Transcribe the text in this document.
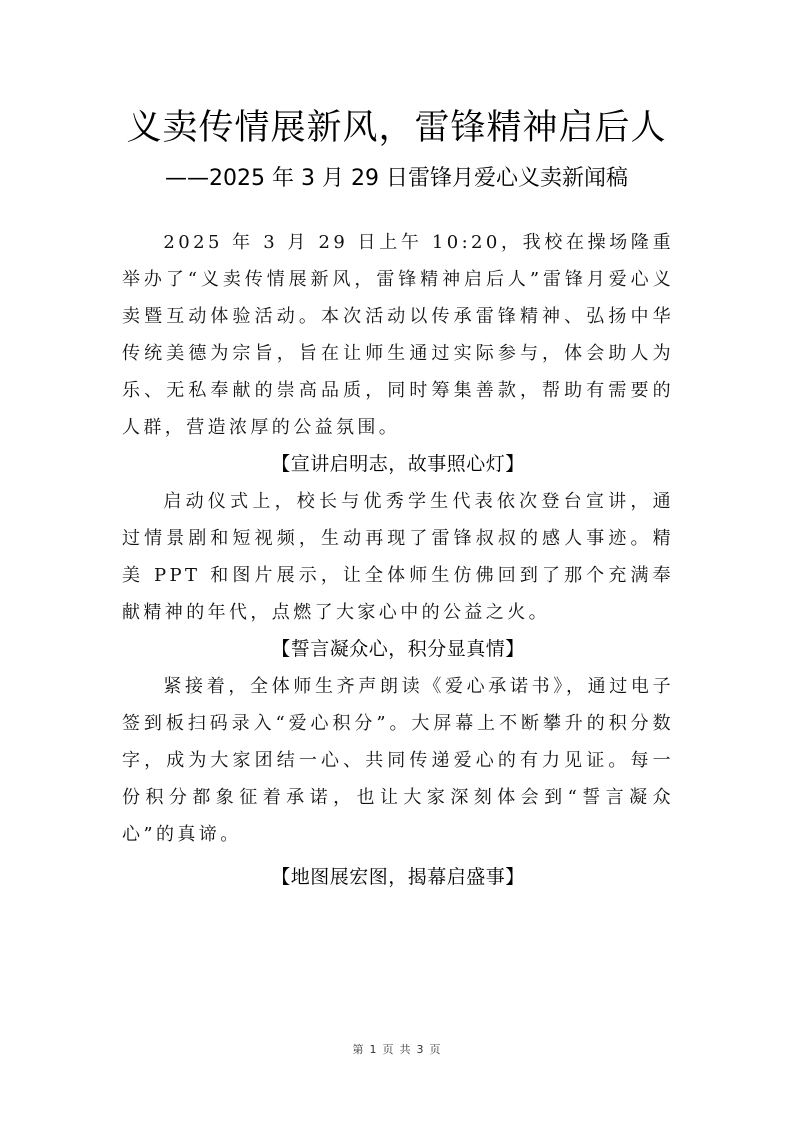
义卖传情展新风，雷锋精神启后人
——2025 年 3 月 29 日雷锋月爱心义卖新闻稿

2025 年 3 月 29 日上午 10:20，我校在操场隆重举办了“义卖传情展新风，雷锋精神启后人”雷锋月爱心义卖暨互动体验活动。本次活动以传承雷锋精神、弘扬中华传统美德为宗旨，旨在让师生通过实际参与，体会助人为乐、无私奉献的崇高品质，同时筹集善款，帮助有需要的人群，营造浓厚的公益氛围。

【宣讲启明志，故事照心灯】

启动仪式上，校长与优秀学生代表依次登台宣讲，通过情景剧和短视频，生动再现了雷锋叔叔的感人事迹。精美 PPT 和图片展示，让全体师生仿佛回到了那个充满奉献精神的年代，点燃了大家心中的公益之火。

【誓言凝众心，积分显真情】

紧接着，全体师生齐声朗读《爱心承诺书》，通过电子签到板扫码录入“爱心积分”。大屏幕上不断攀升的积分数字，成为大家团结一心、共同传递爱心的有力见证。每一份积分都象征着承诺，也让大家深刻体会到“誓言凝众心”的真谛。

【地图展宏图，揭幕启盛事】

第 1 页 共 3 页
